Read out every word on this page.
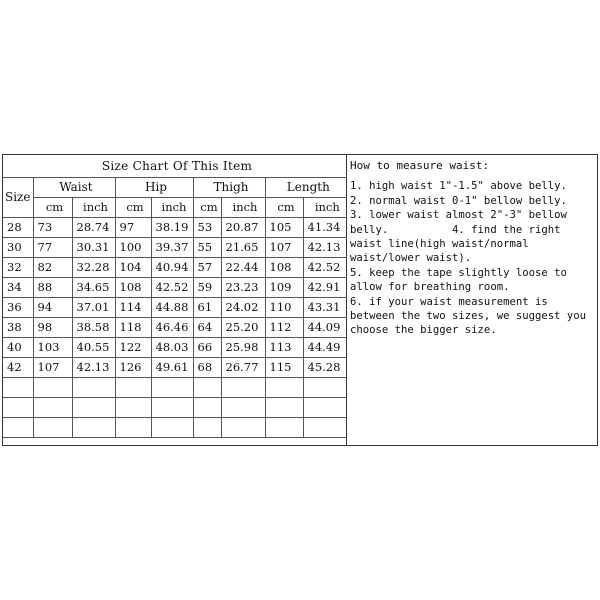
Size Chart Of This Item								
Size	Waist		Hip		Thigh		Length	
	cm	inch	cm	inch	cm	inch	cm	inch
28	73	28.74	97	38.19	53	20.87	105	41.34
30	77	30.31	100	39.37	55	21.65	107	42.13
32	82	32.28	104	40.94	57	22.44	108	42.52
34	88	34.65	108	42.52	59	23.23	109	42.91
36	94	37.01	114	44.88	61	24.02	110	43.31
38	98	38.58	118	46.46	64	25.20	112	44.09
40	103	40.55	122	48.03	66	25.98	113	44.49
42	107	42.13	126	49.61	68	26.77	115	45.28

How to measure waist:

1. high waist 1"-1.5" above belly.

2. normal waist 0-1" bellow belly.

3. lower waist almost 2"-3" bellow belly.          4. find the right waist line(high waist/normal waist/lower waist).

5. keep the tape slightly loose to allow for breathing room.

6. if your waist measurement is between the two sizes, we suggest you choose the bigger size.
